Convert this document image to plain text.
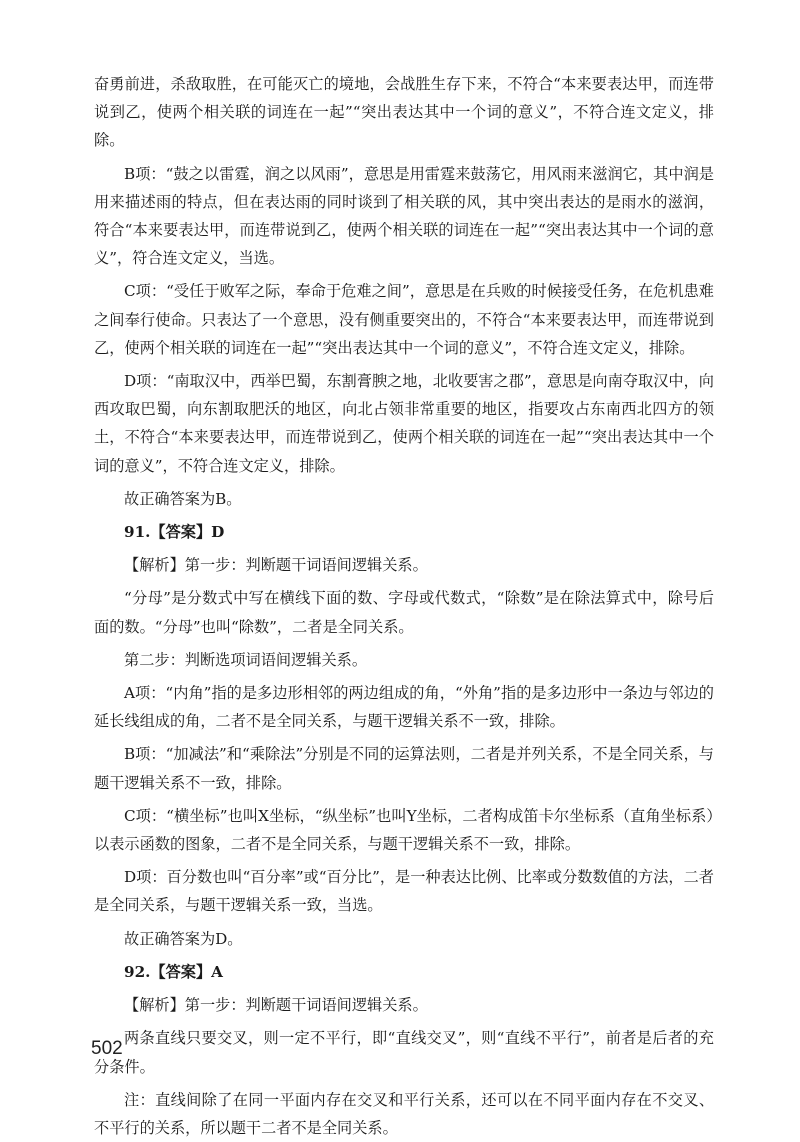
奋勇前进，杀敌取胜，在可能灭亡的境地，会战胜生存下来，不符合“本来要表达甲，而连带说到乙，使两个相关联的词连在一起”“突出表达其中一个词的意义”，不符合连文定义，排除。

B项：“鼓之以雷霆，润之以风雨”，意思是用雷霆来鼓荡它，用风雨来滋润它，其中润是用来描述雨的特点，但在表达雨的同时谈到了相关联的风，其中突出表达的是雨水的滋润，符合“本来要表达甲，而连带说到乙，使两个相关联的词连在一起”“突出表达其中一个词的意义”，符合连文定义，当选。

C项：“受任于败军之际，奉命于危难之间”，意思是在兵败的时候接受任务，在危机患难之间奉行使命。只表达了一个意思，没有侧重要突出的，不符合“本来要表达甲，而连带说到乙，使两个相关联的词连在一起”“突出表达其中一个词的意义”，不符合连文定义，排除。

D项：“南取汉中，西举巴蜀，东割膏腴之地，北收要害之郡”，意思是向南夺取汉中，向西攻取巴蜀，向东割取肥沃的地区，向北占领非常重要的地区，指要攻占东南西北四方的领土，不符合“本来要表达甲，而连带说到乙，使两个相关联的词连在一起”“突出表达其中一个词的意义”，不符合连文定义，排除。

故正确答案为B。

91.【答案】D

【解析】第一步：判断题干词语间逻辑关系。

“分母”是分数式中写在横线下面的数、字母或代数式，“除数”是在除法算式中，除号后面的数。“分母”也叫“除数”，二者是全同关系。

第二步：判断选项词语间逻辑关系。

A项：“内角”指的是多边形相邻的两边组成的角，“外角”指的是多边形中一条边与邻边的延长线组成的角，二者不是全同关系，与题干逻辑关系不一致，排除。

B项：“加减法”和“乘除法”分别是不同的运算法则，二者是并列关系，不是全同关系，与题干逻辑关系不一致，排除。

C项：“横坐标”也叫X坐标，“纵坐标”也叫Y坐标，二者构成笛卡尔坐标系（直角坐标系）以表示函数的图象，二者不是全同关系，与题干逻辑关系不一致，排除。

D项：百分数也叫“百分率”或“百分比”，是一种表达比例、比率或分数数值的方法，二者是全同关系，与题干逻辑关系一致，当选。

故正确答案为D。

92.【答案】A

【解析】第一步：判断题干词语间逻辑关系。

两条直线只要交叉，则一定不平行，即“直线交叉”，则“直线不平行”，前者是后者的充分条件。

注：直线间除了在同一平面内存在交叉和平行关系，还可以在不同平面内存在不交叉、不平行的关系，所以题干二者不是全同关系。

502
